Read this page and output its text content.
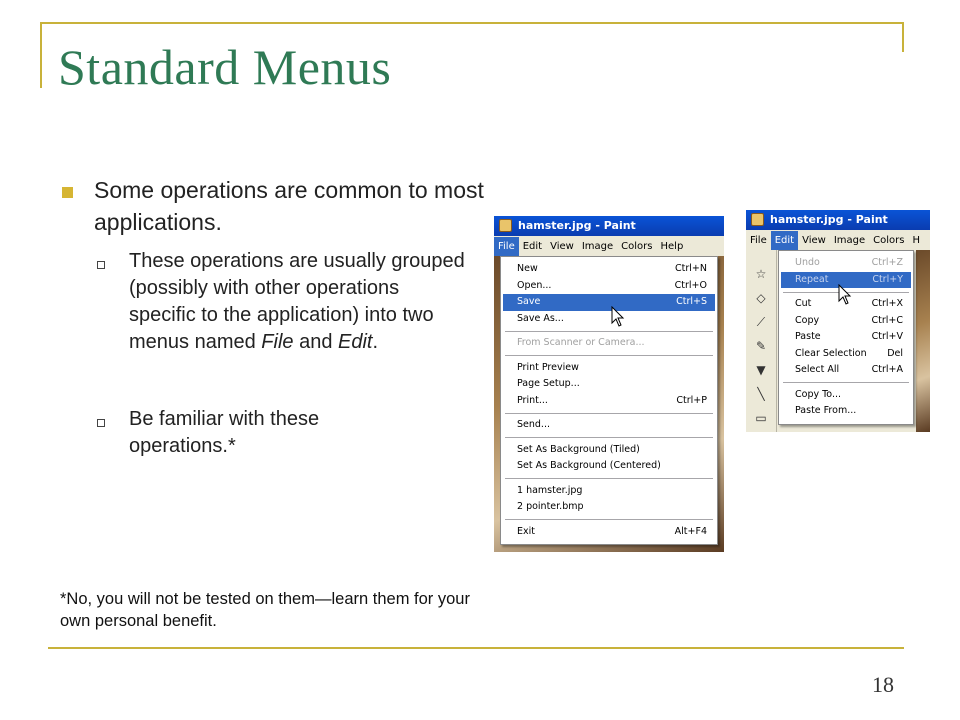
Standard Menus
Some operations are common to most applications.
These operations are usually grouped (possibly with other operations specific to the application) into two menus named File and Edit.
Be familiar with these operations.*
*No, you will not be tested on them—learn them for your own personal benefit.
18
hamster.jpg - Paint
File Edit View Image Colors Help
New	Ctrl+N
Open...	Ctrl+O
Save	Ctrl+S
Save As...
From Scanner or Camera...
Print Preview
Page Setup...
Print...	Ctrl+P
Send...
Set As Background (Tiled)
Set As Background (Centered)
1 hamster.jpg
2 pointer.bmp
Exit	Alt+F4
hamster.jpg - Paint
File Edit View Image Colors H
☆
◇
⟋
✎
▼
╲
▭
Undo	Ctrl+Z
Repeat	Ctrl+Y
Cut	Ctrl+X
Copy	Ctrl+C
Paste	Ctrl+V
Clear Selection Del
Select All	Ctrl+A
Copy To...
Paste From...
